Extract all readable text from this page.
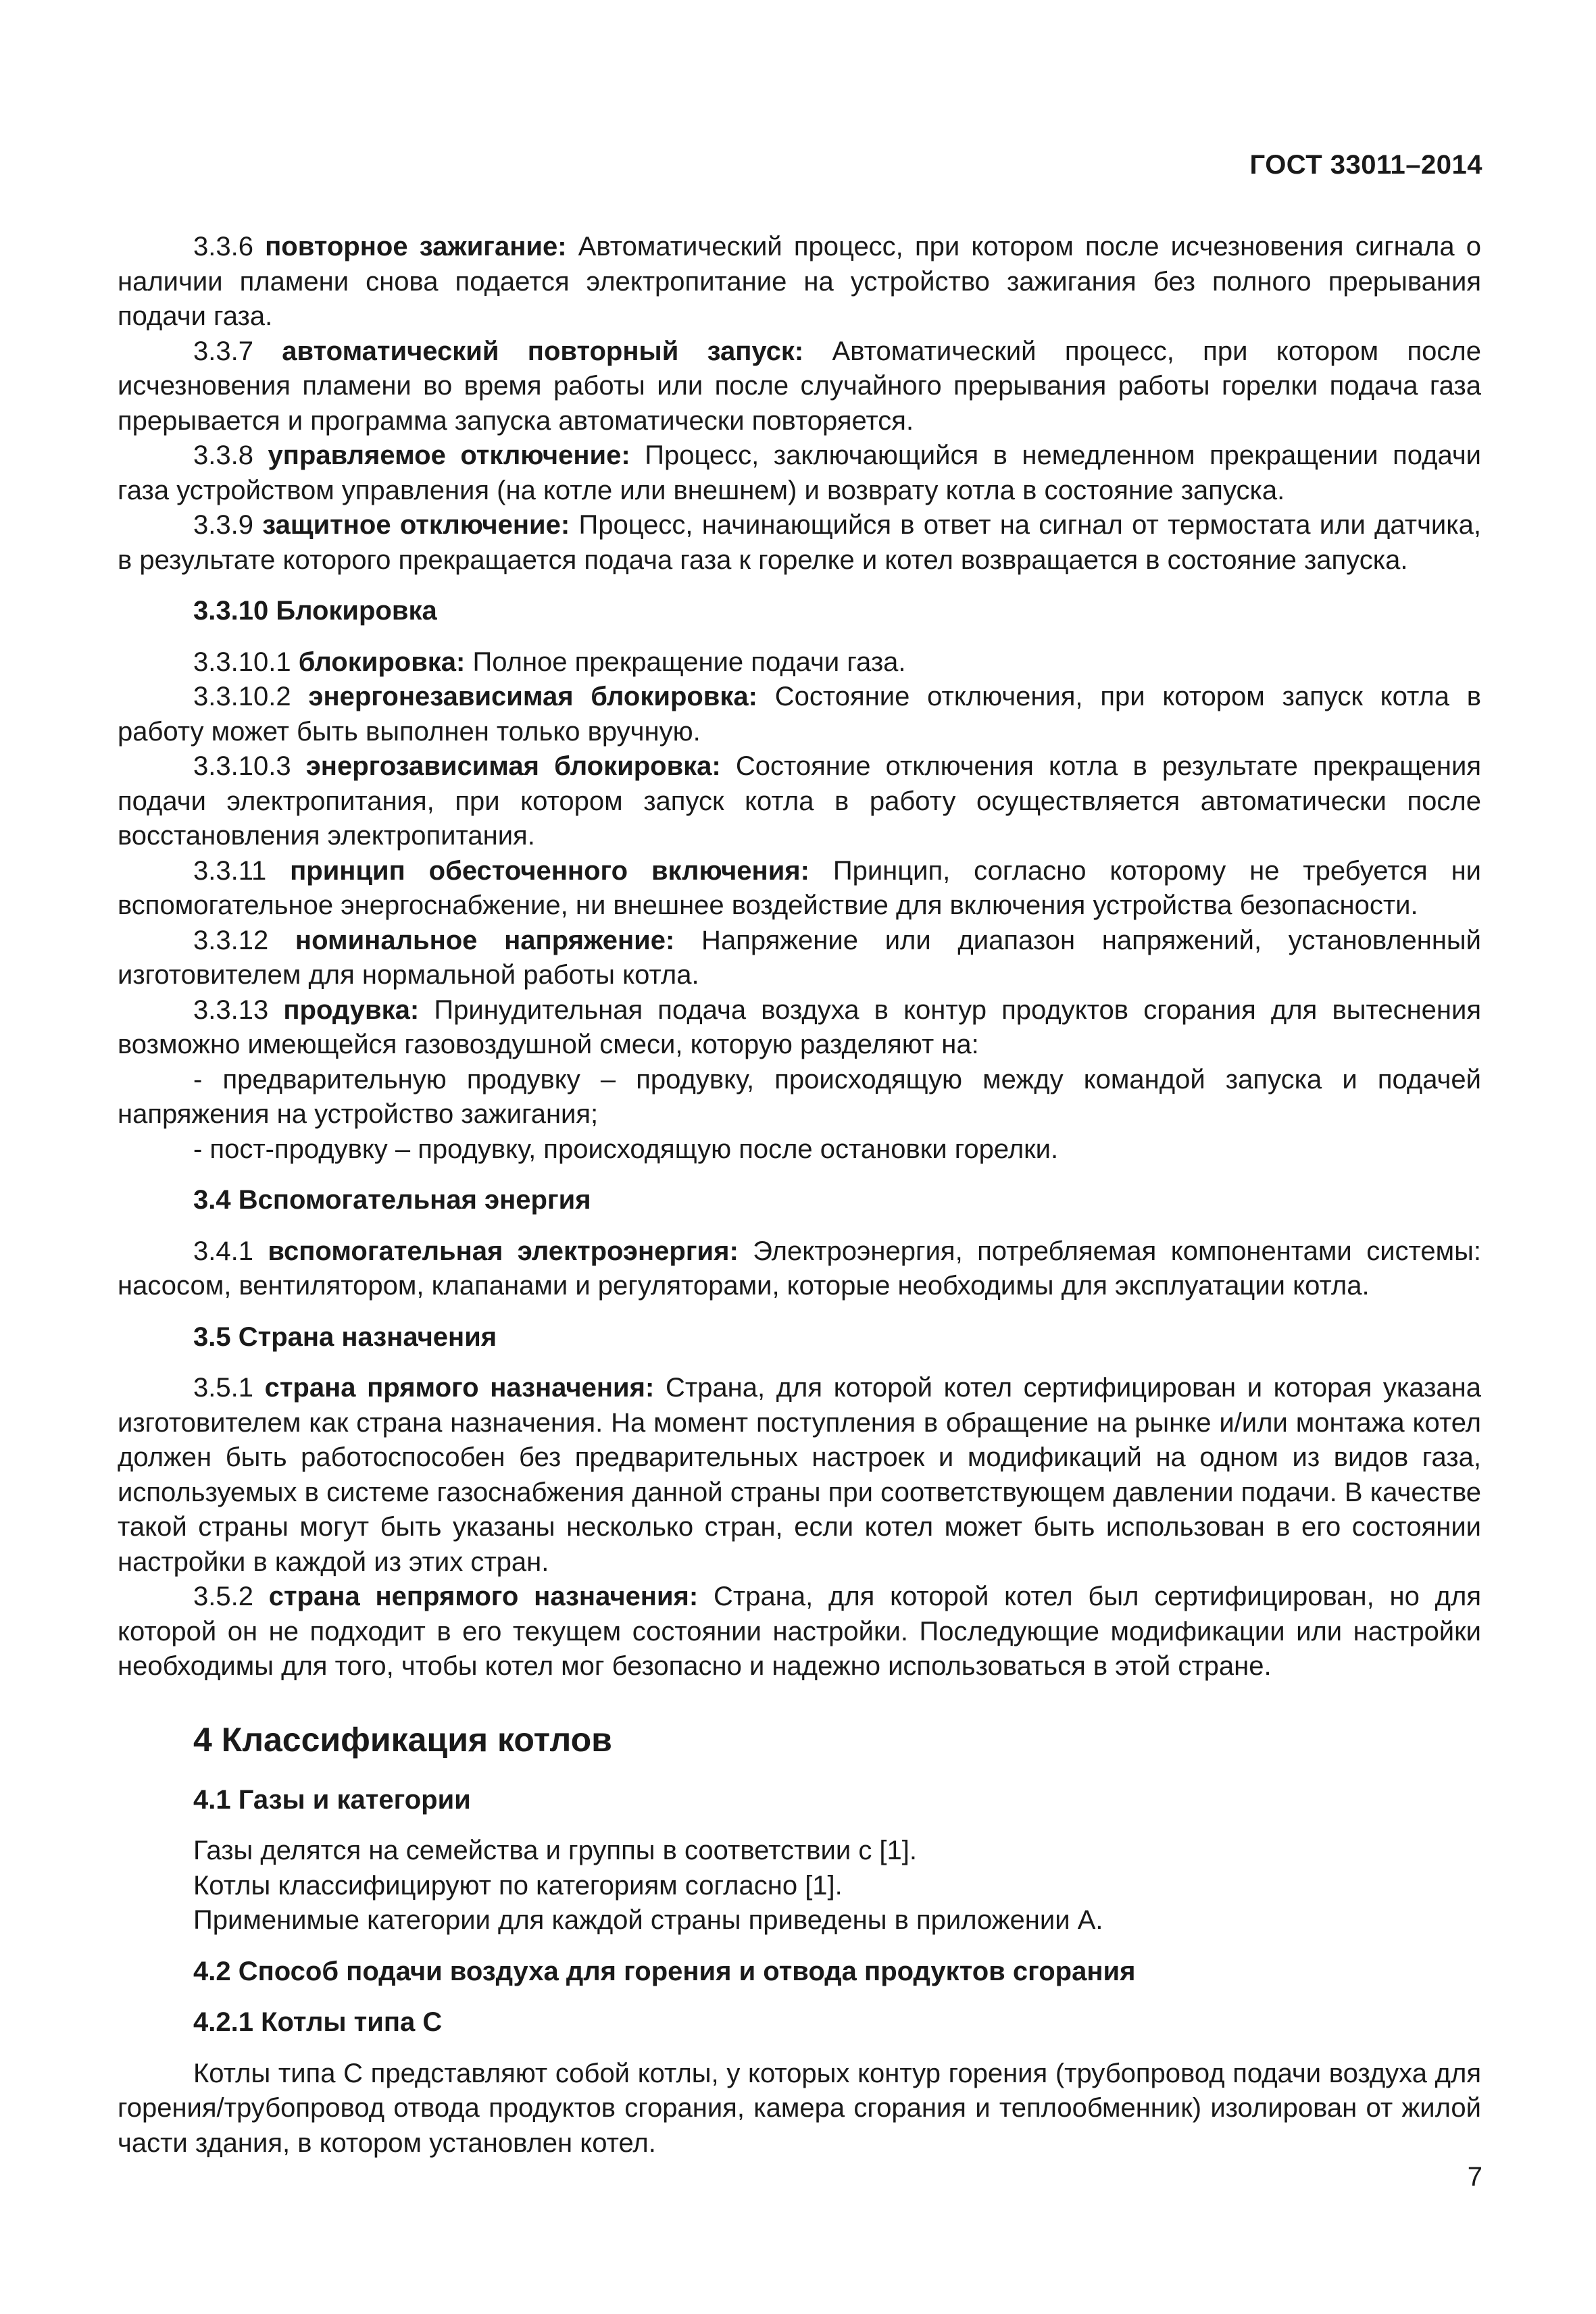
ГОСТ 33011–2014

3.3.6 повторное зажигание: Автоматический процесс, при котором после исчезновения сигнала о наличии пламени снова подается электропитание на устройство зажигания без полного прерывания подачи газа.

3.3.7 автоматический повторный запуск: Автоматический процесс, при котором после исчезновения пламени во время работы или после случайного прерывания работы горелки подача газа прерывается и программа запуска автоматически повторяется.

3.3.8 управляемое отключение: Процесс, заключающийся в немедленном прекращении подачи газа устройством управления (на котле или внешнем) и возврату котла в состояние запуска.

3.3.9 защитное отключение: Процесс, начинающийся в ответ на сигнал от термостата или датчика, в результате которого прекращается подача газа к горелке и котел возвращается в состояние запуска.

3.3.10 Блокировка

3.3.10.1 блокировка: Полное прекращение подачи газа.

3.3.10.2 энергонезависимая блокировка: Состояние отключения, при котором запуск котла в работу может быть выполнен только вручную.

3.3.10.3 энергозависимая блокировка: Состояние отключения котла в результате прекращения подачи электропитания, при котором запуск котла в работу осуществляется автоматически после восстановления электропитания.

3.3.11 принцип обесточенного включения: Принцип, согласно которому не требуется ни вспомогательное энергоснабжение, ни внешнее воздействие для включения устройства безопасности.

3.3.12 номинальное напряжение: Напряжение или диапазон напряжений, установленный изготовителем для нормальной работы котла.

3.3.13 продувка: Принудительная подача воздуха в контур продуктов сгорания для вытеснения возможно имеющейся газовоздушной смеси, которую разделяют на:

- предварительную продувку – продувку, происходящую между командой запуска и подачей напряжения на устройство зажигания;

- пост-продувку – продувку, происходящую после остановки горелки.

3.4 Вспомогательная энергия

3.4.1 вспомогательная электроэнергия: Электроэнергия, потребляемая компонентами системы: насосом, вентилятором, клапанами и регуляторами, которые необходимы для эксплуатации котла.

3.5 Страна назначения

3.5.1 страна прямого назначения: Страна, для которой котел сертифицирован и которая указана изготовителем как страна назначения. На момент поступления в обращение на рынке и/или монтажа котел должен быть работоспособен без предварительных настроек и модификаций на одном из видов газа, используемых в системе газоснабжения данной страны при соответствующем давлении подачи. В качестве такой страны могут быть указаны несколько стран, если котел может быть использован в его состоянии настройки в каждой из этих стран.

3.5.2 страна непрямого назначения: Страна, для которой котел был сертифицирован, но для которой он не подходит в его текущем состоянии настройки. Последующие модификации или настройки необходимы для того, чтобы котел мог безопасно и надежно использоваться в этой стране.

4 Классификация котлов
4.1 Газы и категории

Газы делятся на семейства и группы в соответствии с [1].

Котлы классифицируют по категориям согласно [1].

Применимые категории для каждой страны приведены в приложении А.

4.2 Способ подачи воздуха для горения и отвода продуктов сгорания
4.2.1 Котлы типа С

Котлы типа С представляют собой котлы, у которых контур горения (трубопровод подачи воздуха для горения/трубопровод отвода продуктов сгорания, камера сгорания и теплообменник) изолирован от жилой части здания, в котором установлен котел.

7
